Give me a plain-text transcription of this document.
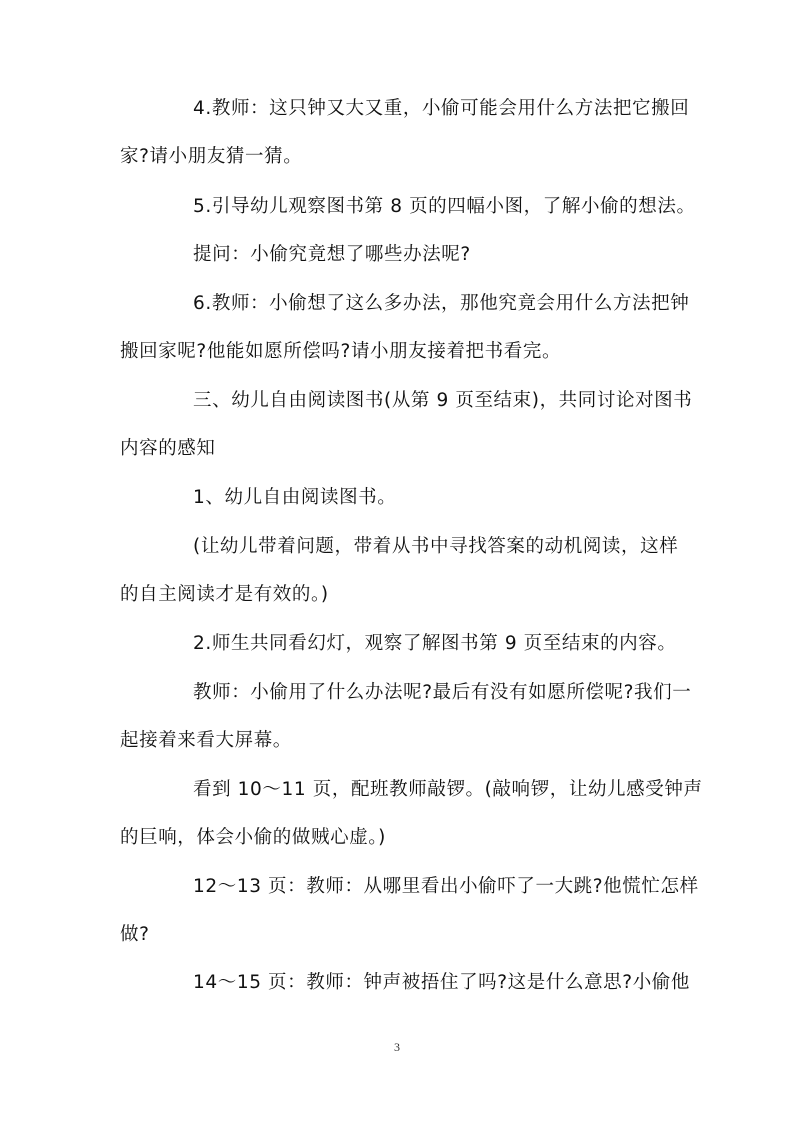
4.教师：这只钟又大又重，小偷可能会用什么方法把它搬回
家?请小朋友猜一猜。
5.引导幼儿观察图书第 8 页的四幅小图，了解小偷的想法。
提问：小偷究竟想了哪些办法呢?
6.教师：小偷想了这么多办法，那他究竟会用什么方法把钟
搬回家呢?他能如愿所偿吗?请小朋友接着把书看完。
三、幼儿自由阅读图书(从第 9 页至结束)，共同讨论对图书
内容的感知
1、幼儿自由阅读图书。
(让幼儿带着问题，带着从书中寻找答案的动机阅读，这样
的自主阅读才是有效的。)
2.师生共同看幻灯，观察了解图书第 9 页至结束的内容。
教师：小偷用了什么办法呢?最后有没有如愿所偿呢?我们一
起接着来看大屏幕。
看到 10～11 页，配班教师敲锣。(敲响锣，让幼儿感受钟声
的巨响，体会小偷的做贼心虚。)
12～13 页：教师：从哪里看出小偷吓了一大跳?他慌忙怎样
做?
14～15 页：教师：钟声被捂住了吗?这是什么意思?小偷他
3
